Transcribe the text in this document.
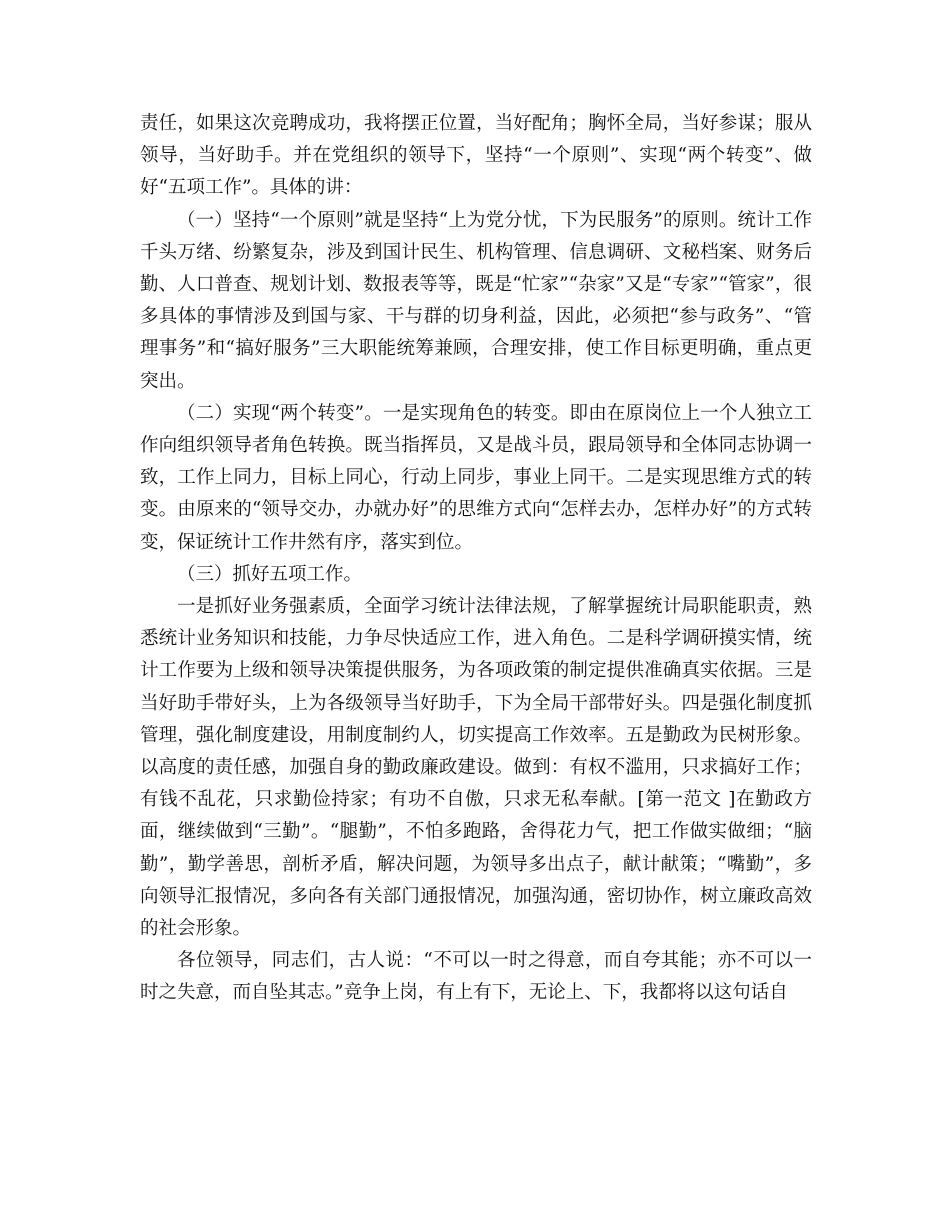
责任，如果这次竞聘成功，我将摆正位置，当好配角；胸怀全局，当好参谋；服从领导，当好助手。并在党组织的领导下，坚持“一个原则”、实现“两个转变”、做好“五项工作”。具体的讲：

（一）坚持“一个原则”就是坚持“上为党分忧，下为民服务”的原则。统计工作千头万绪、纷繁复杂，涉及到国计民生、机构管理、信息调研、文秘档案、财务后勤、人口普查、规划计划、数报表等等，既是“忙家”“杂家”又是“专家”“管家”，很多具体的事情涉及到国与家、干与群的切身利益，因此，必须把“参与政务”、“管理事务”和“搞好服务”三大职能统筹兼顾，合理安排，使工作目标更明确，重点更突出。

（二）实现“两个转变”。一是实现角色的转变。即由在原岗位上一个人独立工作向组织领导者角色转换。既当指挥员，又是战斗员，跟局领导和全体同志协调一致，工作上同力，目标上同心，行动上同步，事业上同干。二是实现思维方式的转变。由原来的“领导交办，办就办好”的思维方式向“怎样去办，怎样办好”的方式转变，保证统计工作井然有序，落实到位。

（三）抓好五项工作。

一是抓好业务强素质，全面学习统计法律法规，了解掌握统计局职能职责，熟悉统计业务知识和技能，力争尽快适应工作，进入角色。二是科学调研摸实情，统计工作要为上级和领导决策提供服务，为各项政策的制定提供准确真实依据。三是当好助手带好头，上为各级领导当好助手，下为全局干部带好头。四是强化制度抓管理，强化制度建设，用制度制约人，切实提高工作效率。五是勤政为民树形象。以高度的责任感，加强自身的勤政廉政建设。做到：有权不滥用，只求搞好工作；有钱不乱花，只求勤俭持家；有功不自傲，只求无私奉献。[第一范文 ]在勤政方面，继续做到“三勤”。“腿勤”，不怕多跑路，舍得花力气，把工作做实做细；“脑勤”，勤学善思，剖析矛盾，解决问题，为领导多出点子，献计献策；“嘴勤”，多向领导汇报情况，多向各有关部门通报情况，加强沟通，密切协作，树立廉政高效的社会形象。

各位领导，同志们，古人说：“不可以一时之得意，而自夸其能；亦不可以一时之失意，而自坠其志。”竞争上岗，有上有下，无论上、下，我都将以这句话自
